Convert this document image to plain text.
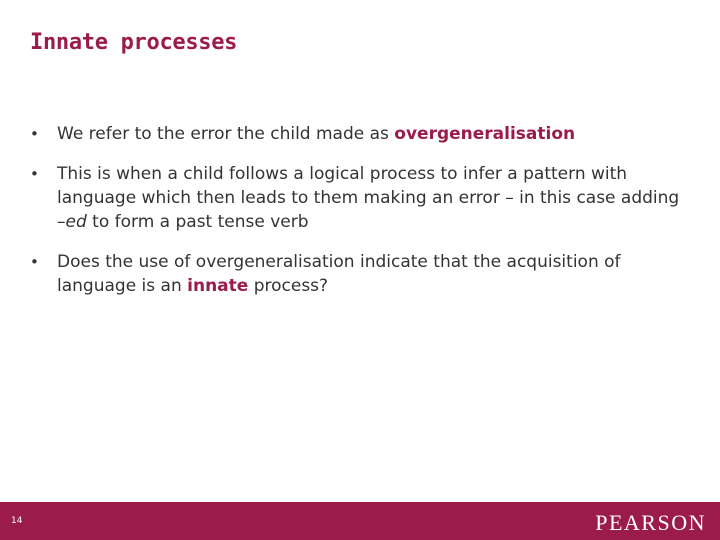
Innate processes
• We refer to the error the child made as overgeneralisation
• This is when a child follows a logical process to infer a pattern with language which then leads to them making an error – in this case adding –ed to form a past tense verb
• Does the use of overgeneralisation indicate that the acquisition of language is an innate process?
14	PEARSON
